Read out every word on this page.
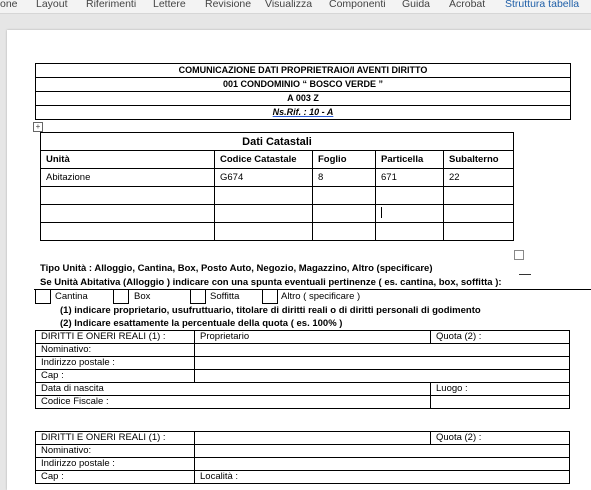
one Layout Riferimenti Lettere Revisione Visualizza Componenti Guida Acrobat Struttura tabella
COMUNICAZIONE DATI PROPRIETRAIO/I AVENTI DIRITTO
001 CONDOMINIO “ BOSCO VERDE ”
A 003 Z
Ns.Rif. : 10 - A
+
Dati Catastali				
Unità	Codice Catastale	Foglio	Particella	Subalterno
Abitazione	G674	8	671	22

Tipo Unità : Alloggio, Cantina, Box, Posto Auto, Negozio, Magazzino, Altro (specificare)
Se Unità Abitativa (Alloggio ) indicare con una spunta eventuali pertinenze ( es. cantina, box, soffitta ):
Cantina	Box	Soffitta	Altro ( specificare )
(1) indicare proprietario, usufruttuario, titolare di diritti reali o di diritti personali di godimento
(2) Indicare esattamente la percentuale della quota ( es. 100% )
DIRITTI E ONERI REALI (1) :	Proprietario	Quota (2) :
Nominativo:		
Indirizzo postale :		
Cap :		
Data di nascita		Luogo :
Codice Fiscale :		
DIRITTI E ONERI REALI (1) :		Quota (2) :
Nominativo:		
Indirizzo postale :		
Cap :	Località :	
